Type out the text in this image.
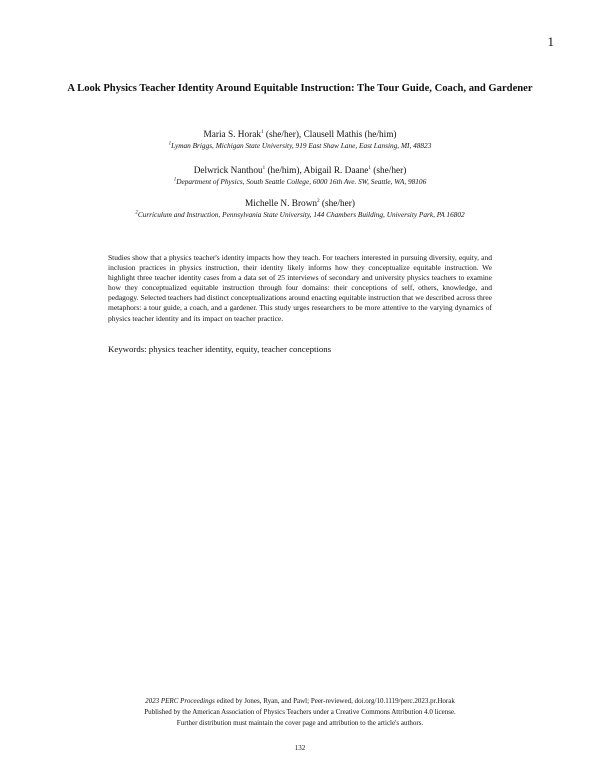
1
A Look Physics Teacher Identity Around Equitable Instruction: The Tour Guide, Coach, and Gardener
Maria S. Horak$^1$ (she/her), Clausell Mathis (he/him)
$^1$Lyman Briggs, Michigan State University, 919 East Shaw Lane, East Lansing, MI, 48823
Delwrick Nanthou$^1$ (he/him), Abigail R. Daane$^1$ (she/her)
$^1$Department of Physics, South Seattle College, 6000 16th Ave. SW, Seattle, WA, 98106
Michelle N. Brown$^2$ (she/her)
$^2$Curriculum and Instruction, Pennsylvania State University, 144 Chambers Building, University Park, PA 16802
Studies show that a physics teacher's identity impacts how they teach. For teachers interested in pursuing diversity, equity, and inclusion practices in physics instruction, their identity likely informs how they conceptualize equitable instruction. We highlight three teacher identity cases from a data set of 25 interviews of secondary and university physics teachers to examine how they conceptualized equitable instruction through four domains: their conceptions of self, others, knowledge, and pedagogy. Selected teachers had distinct conceptualizations around enacting equitable instruction that we described across three metaphors: a tour guide, a coach, and a gardener. This study urges researchers to be more attentive to the varying dynamics of physics teacher identity and its impact on teacher practice.
Keywords: physics teacher identity, equity, teacher conceptions
2023 PERC Proceedings edited by Jones, Ryan, and Pawl; Peer-reviewed, doi.org/10.1119/perc.2023.pr.Horak
Published by the American Association of Physics Teachers under a Creative Commons Attribution 4.0 license.
Further distribution must maintain the cover page and attribution to the article's authors.
132
